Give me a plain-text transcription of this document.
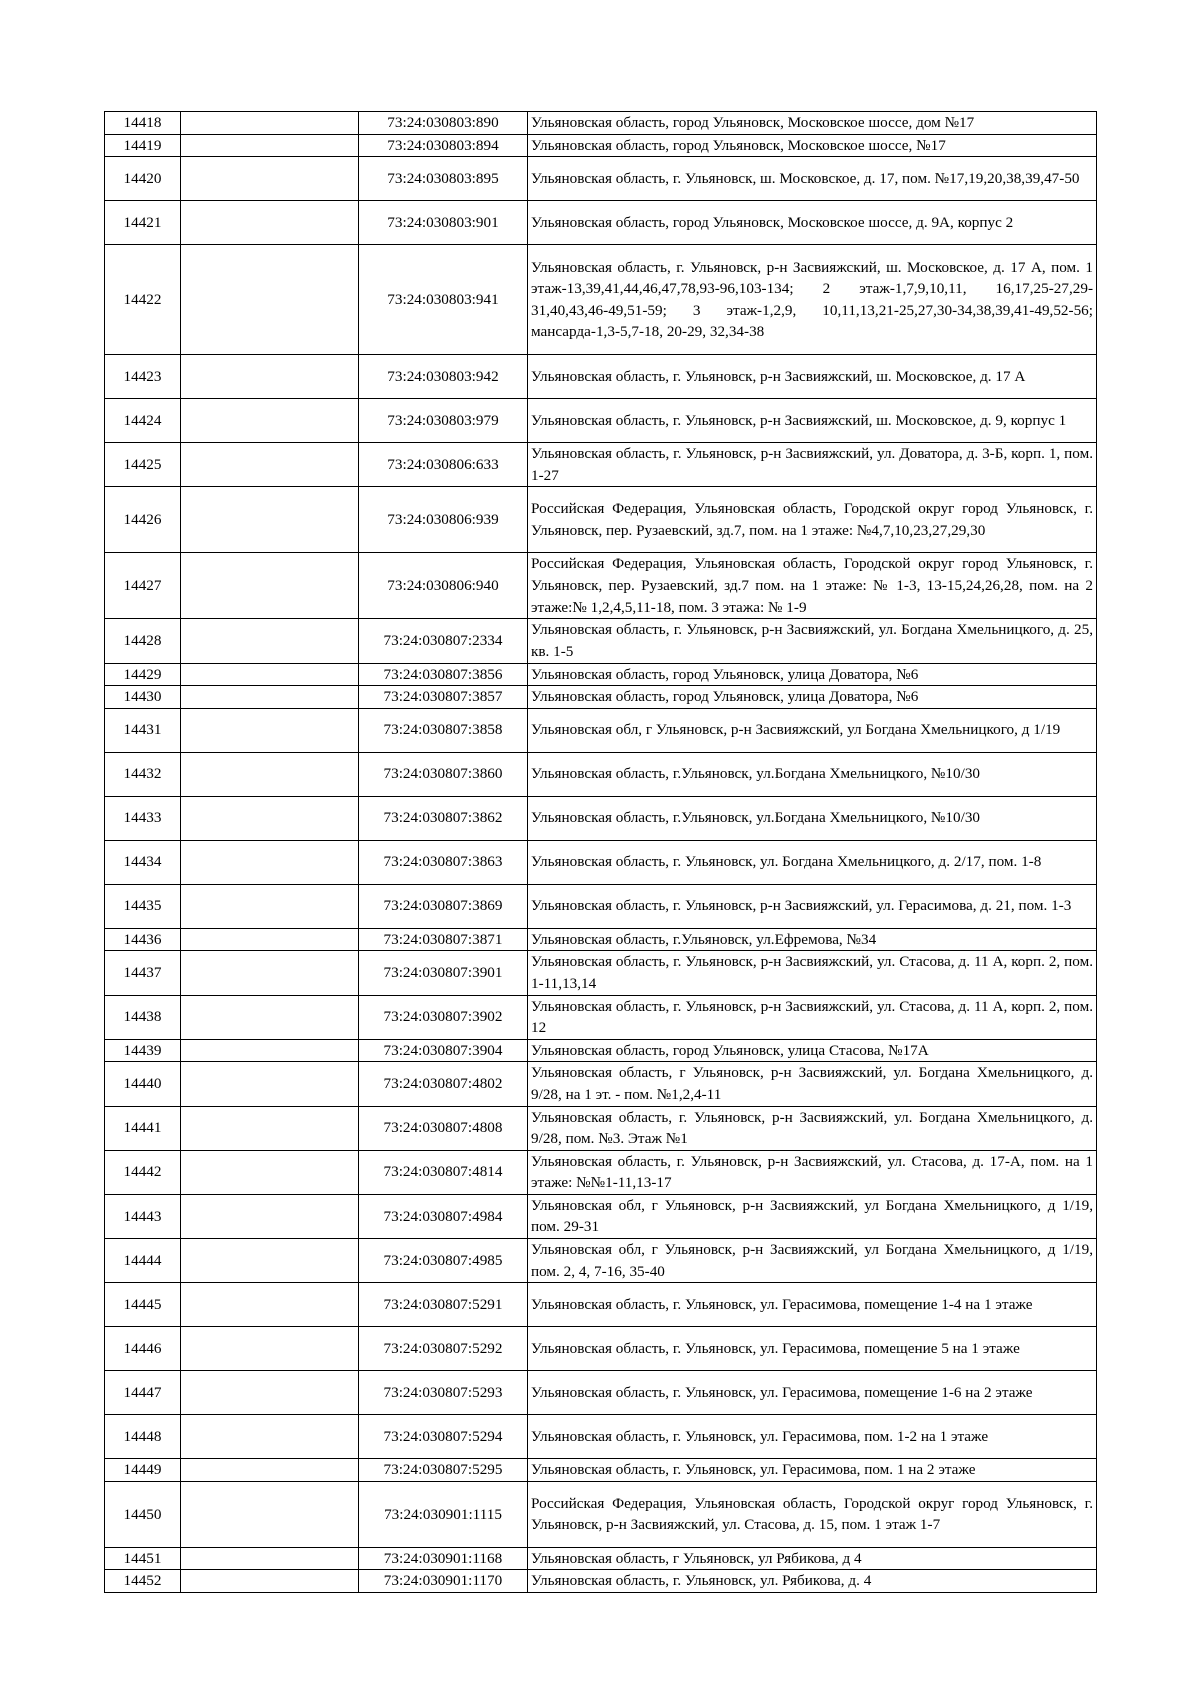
14418		73:24:030803:890	Ульяновская область, город Ульяновск, Московское шоссе, дом №17
14419		73:24:030803:894	Ульяновская область, город Ульяновск, Московское шоссе, №17
14420		73:24:030803:895	Ульяновская область, г. Ульяновск, ш. Московское, д. 17, пом. №17,19,20,38,39,47-50
14421		73:24:030803:901	Ульяновская область, город Ульяновск, Московское шоссе, д. 9А, корпус 2
14422		73:24:030803:941	Ульяновская область, г. Ульяновск, р-н Засвияжский, ш. Московское, д. 17 А, пом. 1 этаж-13,39,41,44,46,47,78,93-96,103-134; 2 этаж-1,7,9,10,11, 16,17,25-27,29-31,40,43,46-49,51-59; 3 этаж-1,2,9, 10,11,13,21-25,27,30-34,38,39,41-49,52-56; мансарда-1,3-5,7-18, 20-29, 32,34-38
14423		73:24:030803:942	Ульяновская область, г. Ульяновск, р-н Засвияжский, ш. Московское, д. 17 А
14424		73:24:030803:979	Ульяновская область, г. Ульяновск, р-н Засвияжский, ш. Московское, д. 9, корпус 1
14425		73:24:030806:633	Ульяновская область, г. Ульяновск, р-н Засвияжский, ул. Доватора, д. 3-Б, корп. 1, пом. 1-27
14426		73:24:030806:939	Российская Федерация, Ульяновская область, Городской округ город Ульяновск, г. Ульяновск, пер. Рузаевский, зд.7, пом. на 1 этаже: №4,7,10,23,27,29,30
14427		73:24:030806:940	Российская Федерация, Ульяновская область, Городской округ город Ульяновск, г. Ульяновск, пер. Рузаевский, зд.7 пом. на 1 этаже: № 1-3, 13-15,24,26,28, пом. на 2 этаже:№ 1,2,4,5,11-18, пом. 3 этажа: № 1-9
14428		73:24:030807:2334	Ульяновская область, г. Ульяновск, р-н Засвияжский, ул. Богдана Хмельницкого, д. 25, кв. 1-5
14429		73:24:030807:3856	Ульяновская область, город Ульяновск, улица Доватора, №6
14430		73:24:030807:3857	Ульяновская область, город Ульяновск, улица Доватора, №6
14431		73:24:030807:3858	Ульяновская обл, г Ульяновск, р-н Засвияжский, ул Богдана Хмельницкого, д 1/19
14432		73:24:030807:3860	Ульяновская область, г.Ульяновск, ул.Богдана Хмельницкого, №10/30
14433		73:24:030807:3862	Ульяновская область, г.Ульяновск, ул.Богдана Хмельницкого, №10/30
14434		73:24:030807:3863	Ульяновская область, г. Ульяновск, ул. Богдана Хмельницкого, д. 2/17, пом. 1-8
14435		73:24:030807:3869	Ульяновская область, г. Ульяновск, р-н Засвияжский, ул. Герасимова, д. 21, пом. 1-3
14436		73:24:030807:3871	Ульяновская область, г.Ульяновск, ул.Ефремова, №34
14437		73:24:030807:3901	Ульяновская область, г. Ульяновск, р-н Засвияжский, ул. Стасова, д. 11 А, корп. 2, пом. 1-11,13,14
14438		73:24:030807:3902	Ульяновская область, г. Ульяновск, р-н Засвияжский, ул. Стасова, д. 11 А, корп. 2, пом. 12
14439		73:24:030807:3904	Ульяновская область, город Ульяновск, улица Стасова, №17А
14440		73:24:030807:4802	Ульяновская область, г Ульяновск, р-н Засвияжский, ул. Богдана Хмельницкого, д. 9/28, на 1 эт. - пом. №1,2,4-11
14441		73:24:030807:4808	Ульяновская область, г. Ульяновск, р-н Засвияжский, ул. Богдана Хмельницкого, д. 9/28, пом. №3. Этаж №1
14442		73:24:030807:4814	Ульяновская область, г. Ульяновск, р-н Засвияжский, ул. Стасова, д. 17-А, пом. на 1 этаже: №№1-11,13-17
14443		73:24:030807:4984	Ульяновская обл, г Ульяновск, р-н Засвияжский, ул Богдана Хмельницкого, д 1/19, пом. 29-31
14444		73:24:030807:4985	Ульяновская обл, г Ульяновск, р-н Засвияжский, ул Богдана Хмельницкого, д 1/19, пом. 2, 4, 7-16, 35-40
14445		73:24:030807:5291	Ульяновская область, г. Ульяновск, ул. Герасимова, помещение 1-4 на 1 этаже
14446		73:24:030807:5292	Ульяновская область, г. Ульяновск, ул. Герасимова, помещение 5 на 1 этаже
14447		73:24:030807:5293	Ульяновская область, г. Ульяновск, ул. Герасимова, помещение 1-6 на 2 этаже
14448		73:24:030807:5294	Ульяновская область, г. Ульяновск, ул. Герасимова, пом. 1-2 на 1 этаже
14449		73:24:030807:5295	Ульяновская область, г. Ульяновск, ул. Герасимова, пом. 1 на 2 этаже
14450		73:24:030901:1115	Российская Федерация, Ульяновская область, Городской округ город Ульяновск, г. Ульяновск, р-н Засвияжский, ул. Стасова, д. 15, пом. 1 этаж 1-7
14451		73:24:030901:1168	Ульяновская область, г Ульяновск, ул Рябикова, д 4
14452		73:24:030901:1170	Ульяновская область, г. Ульяновск, ул. Рябикова, д. 4
